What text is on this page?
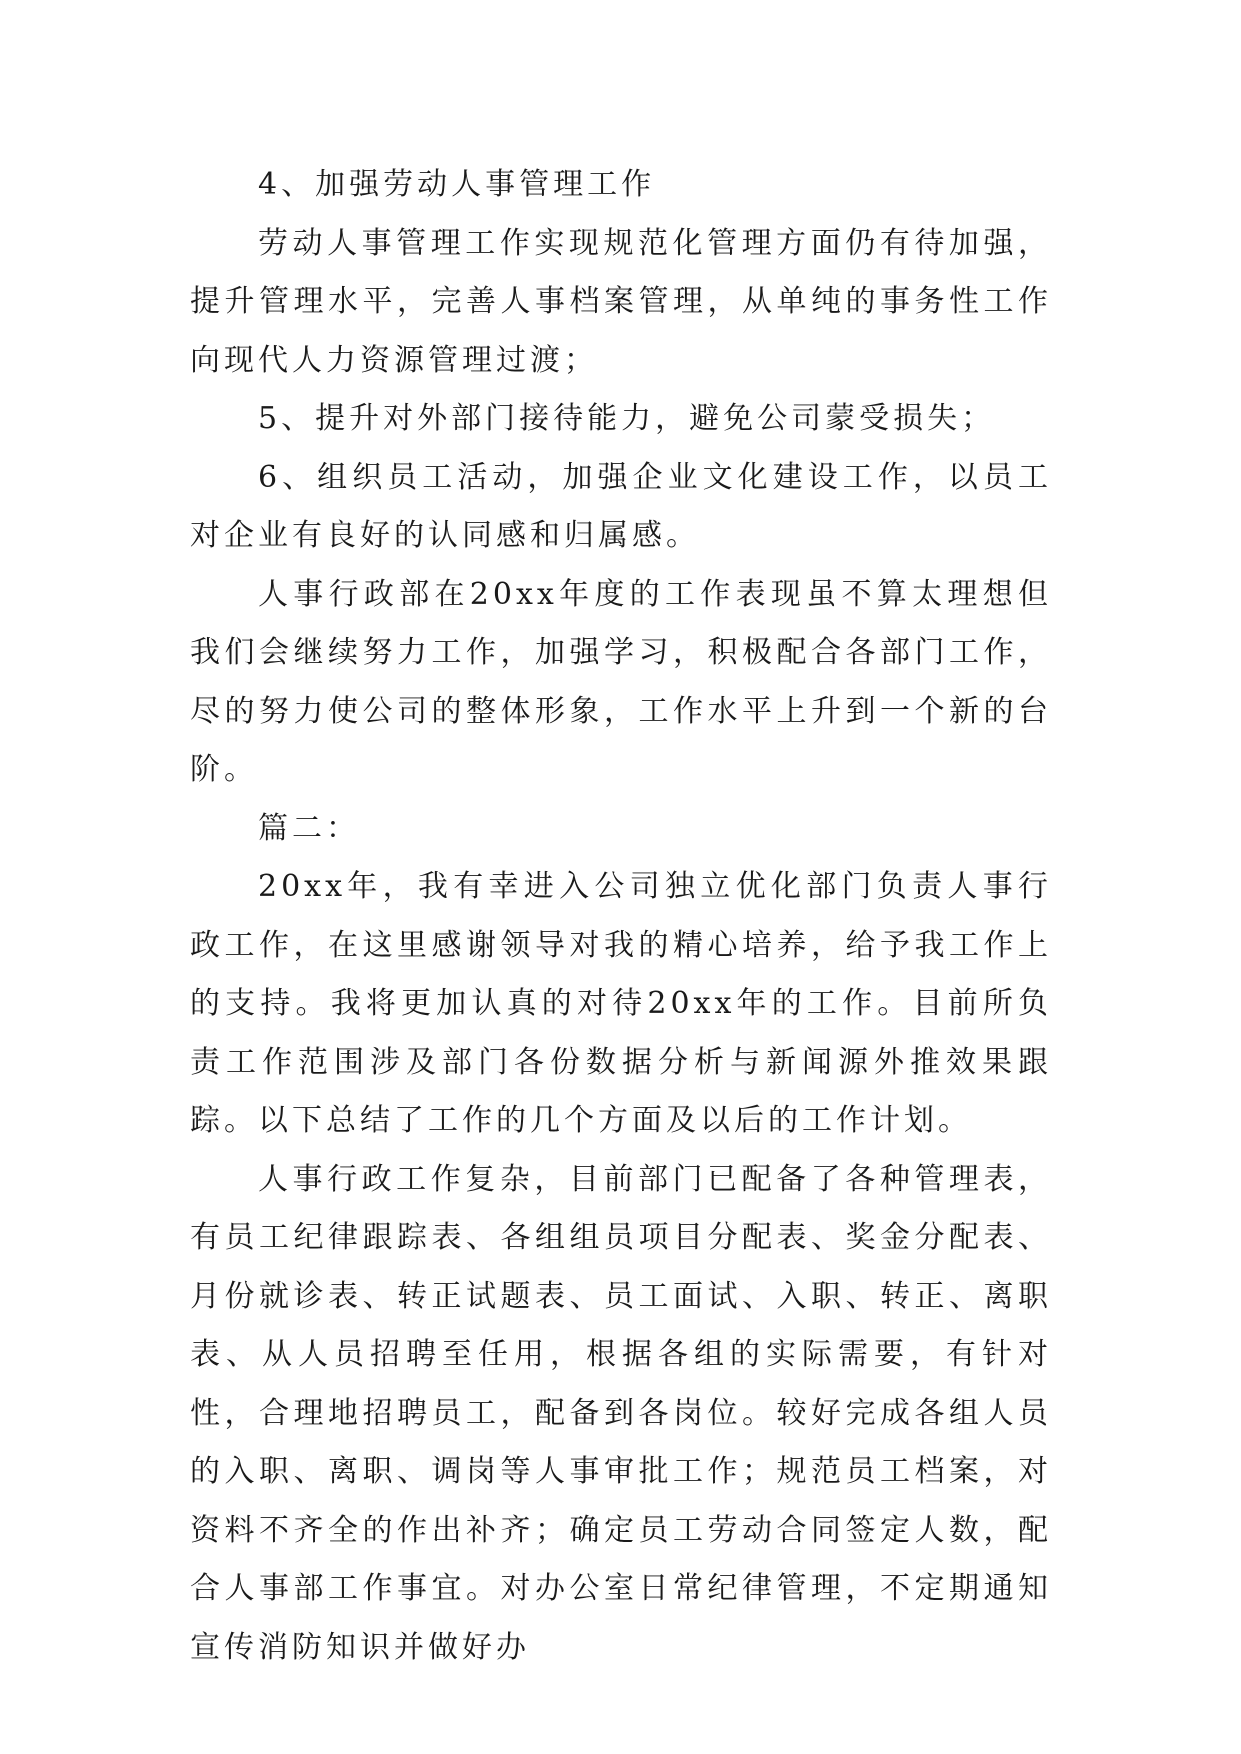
4、加强劳动人事管理工作

劳动人事管理工作实现规范化管理方面仍有待加强，提升管理水平，完善人事档案管理，从单纯的事务性工作向现代人力资源管理过渡；

5、提升对外部门接待能力，避免公司蒙受损失；

6、组织员工活动，加强企业文化建设工作，以员工对企业有良好的认同感和归属感。

人事行政部在20xx年度的工作表现虽不算太理想但我们会继续努力工作，加强学习，积极配合各部门工作，尽的努力使公司的整体形象，工作水平上升到一个新的台阶。

篇二：

20xx年，我有幸进入公司独立优化部门负责人事行政工作，在这里感谢领导对我的精心培养，给予我工作上的支持。我将更加认真的对待20xx年的工作。目前所负责工作范围涉及部门各份数据分析与新闻源外推效果跟踪。以下总结了工作的几个方面及以后的工作计划。

人事行政工作复杂，目前部门已配备了各种管理表，有员工纪律跟踪表、各组组员项目分配表、奖金分配表、月份就诊表、转正试题表、员工面试、入职、转正、离职表、从人员招聘至任用，根据各组的实际需要，有针对性，合理地招聘员工，配备到各岗位。较好完成各组人员的入职、离职、调岗等人事审批工作；规范员工档案，对资料不齐全的作出补齐；确定员工劳动合同签定人数，配合人事部工作事宜。对办公室日常纪律管理，不定期通知宣传消防知识并做好办
